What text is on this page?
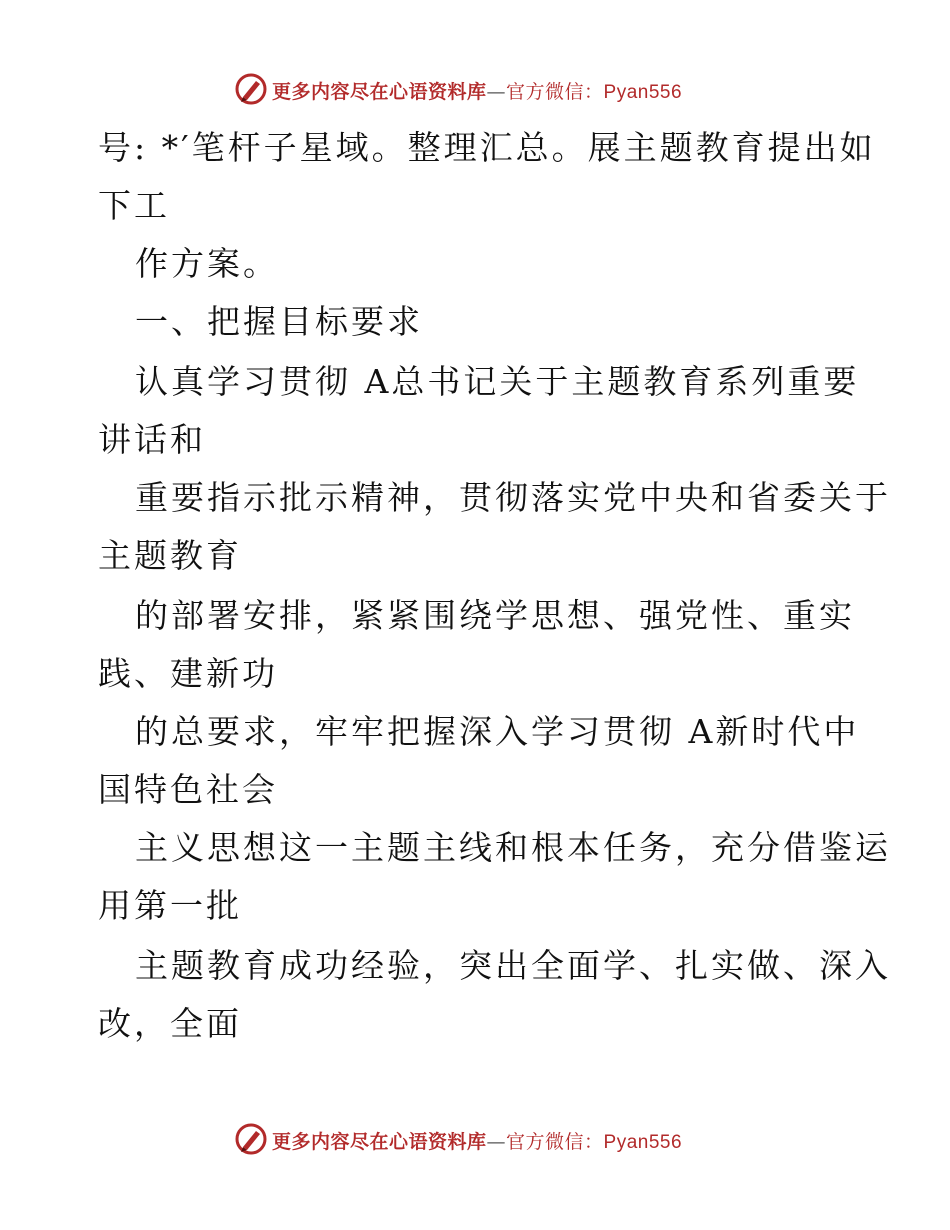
更多内容尽在心语资料库—官方微信：Pyan556
号: *′笔杆子星域。整理汇总。展主题教育提出如
下工
作方案。
一、把握目标要求
认真学习贯彻 A总书记关于主题教育系列重要
讲话和
重要指示批示精神，贯彻落实党中央和省委关于
主题教育
的部署安排，紧紧围绕学思想、强党性、重实
践、建新功
的总要求，牢牢把握深入学习贯彻 A新时代中
国特色社会
主义思想这一主题主线和根本任务，充分借鉴运
用第一批
主题教育成功经验，突出全面学、扎实做、深入
改，全面
更多内容尽在心语资料库—官方微信：Pyan556
